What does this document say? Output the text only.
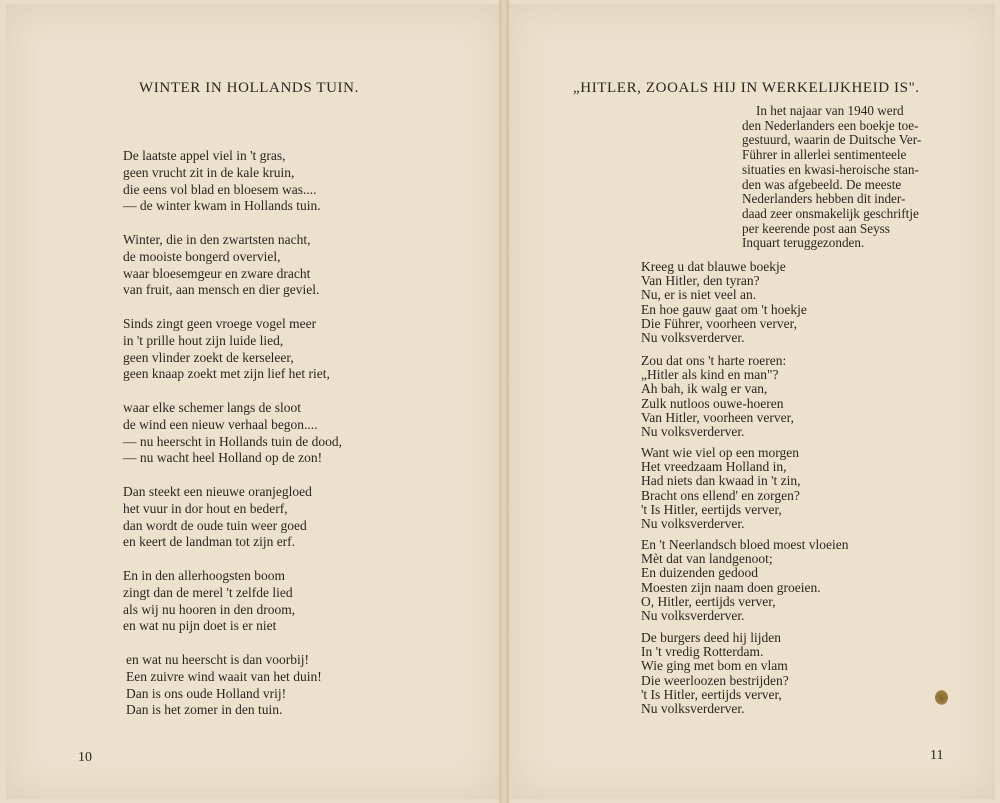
WINTER IN HOLLANDS TUIN.
De laatste appel viel in 't gras,
geen vrucht zit in de kale kruin,
die eens vol blad en bloesem was....
— de winter kwam in Hollands tuin.
Winter, die in den zwartsten nacht,
de mooiste bongerd overviel,
waar bloesemgeur en zware dracht
van fruit, aan mensch en dier geviel.
Sinds zingt geen vroege vogel meer
in 't prille hout zijn luide lied,
geen vlinder zoekt de kerseleer,
geen knaap zoekt met zijn lief het riet,
waar elke schemer langs de sloot
de wind een nieuw verhaal begon....
— nu heerscht in Hollands tuin de dood,
— nu wacht heel Holland op de zon!
Dan steekt een nieuwe oranjegloed
het vuur in dor hout en bederf,
dan wordt de oude tuin weer goed
en keert de landman tot zijn erf.
En in den allerhoogsten boom
zingt dan de merel 't zelfde lied
als wij nu hooren in den droom,
en wat nu pijn doet is er niet
en wat nu heerscht is dan voorbij!
Een zuivre wind waait van het duin!
Dan is ons oude Holland vrij!
Dan is het zomer in den tuin.
10
„HITLER, ZOOALS HIJ IN WERKELIJKHEID IS".
In het najaar van 1940 werd
den Nederlanders een boekje toe-
gestuurd, waarin de Duitsche Ver-
Führer in allerlei sentimenteele
situaties en kwasi-heroische stan-
den was afgebeeld. De meeste
Nederlanders hebben dit inder-
daad zeer onsmakelijk geschriftje
per keerende post aan Seyss
Inquart teruggezonden.
Kreeg u dat blauwe boekje
Van Hitler, den tyran?
Nu, er is niet veel an.
En hoe gauw gaat om 't hoekje
Die Führer, voorheen verver,
Nu volksverderver.
Zou dat ons 't harte roeren:
„Hitler als kind en man"?
Ah bah, ik walg er van,
Zulk nutloos ouwe-hoeren
Van Hitler, voorheen verver,
Nu volksverderver.
Want wie viel op een morgen
Het vreedzaam Holland in,
Had niets dan kwaad in 't zin,
Bracht ons ellend' en zorgen?
't Is Hitler, eertijds verver,
Nu volksverderver.
En 't Neerlandsch bloed moest vloeien
Mèt dat van landgenoot;
En duizenden gedood
Moesten zijn naam doen groeien.
O, Hitler, eertijds verver,
Nu volksverderver.
De burgers deed hij lijden
In 't vredig Rotterdam.
Wie ging met bom en vlam
Die weerloozen bestrijden?
't Is Hitler, eertijds verver,
Nu volksverderver.
11
